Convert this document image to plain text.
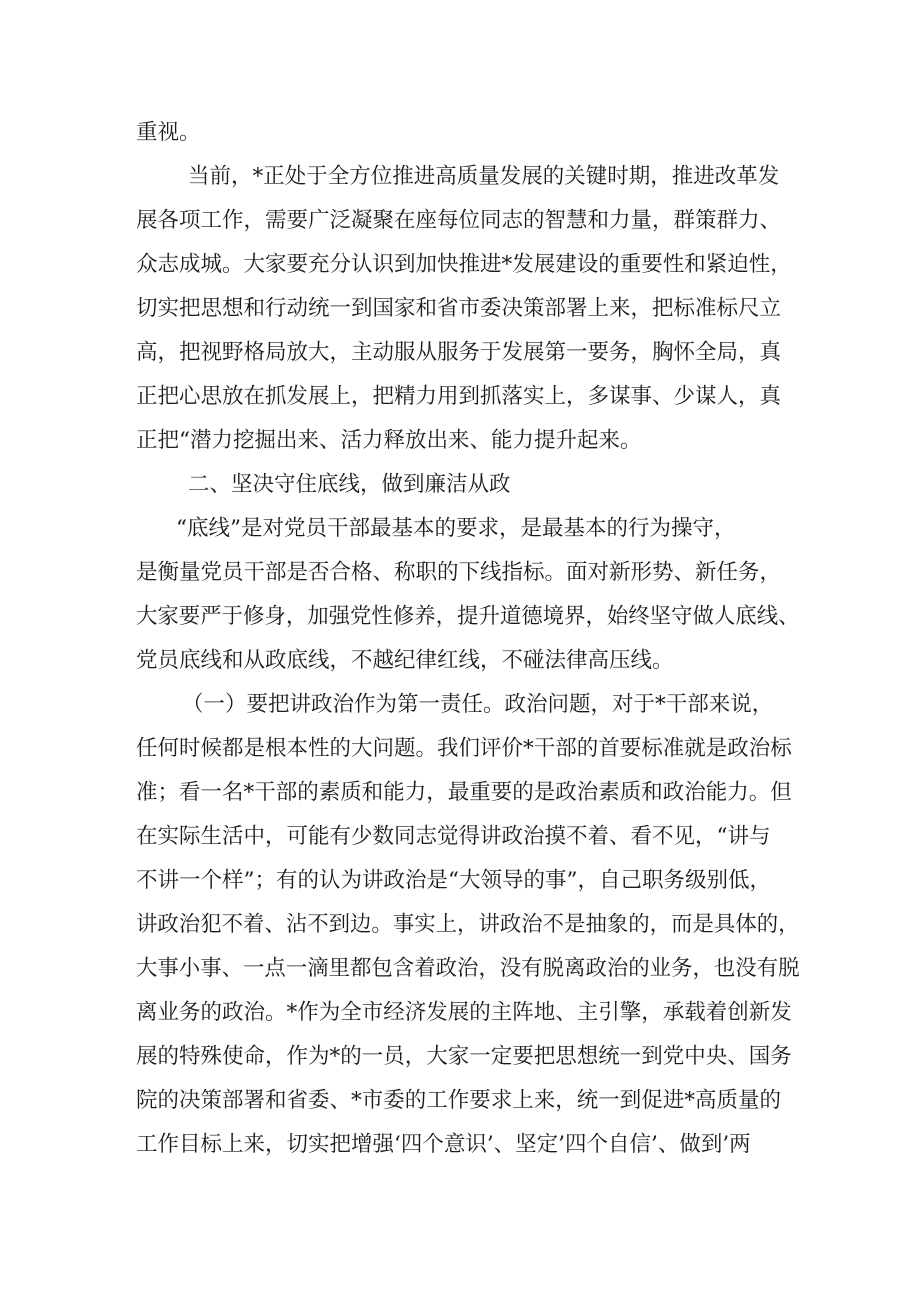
重视。
当前，*正处于全方位推进高质量发展的关键时期，推进改革发
展各项工作，需要广泛凝聚在座每位同志的智慧和力量，群策群力、
众志成城。大家要充分认识到加快推进*发展建设的重要性和紧迫性，
切实把思想和行动统一到国家和省市委决策部署上来，把标准标尺立
高，把视野格局放大，主动服从服务于发展第一要务，胸怀全局，真
正把心思放在抓发展上，把精力用到抓落实上，多谋事、少谋人，真
正把“潜力挖掘出来、活力释放出来、能力提升起来。
二、坚决守住底线，做到廉洁从政
“底线”是对党员干部最基本的要求，是最基本的行为操守，
是衡量党员干部是否合格、称职的下线指标。面对新形势、新任务，
大家要严于修身，加强党性修养，提升道德境界，始终坚守做人底线、
党员底线和从政底线，不越纪律红线，不碰法律高压线。
（一）要把讲政治作为第一责任。政治问题，对于*干部来说，
任何时候都是根本性的大问题。我们评价*干部的首要标准就是政治标
准；看一名*干部的素质和能力，最重要的是政治素质和政治能力。但
在实际生活中，可能有少数同志觉得讲政治摸不着、看不见，“讲与
不讲一个样”；有的认为讲政治是“大领导的事”，自己职务级别低，
讲政治犯不着、沾不到边。事实上，讲政治不是抽象的，而是具体的，
大事小事、一点一滴里都包含着政治，没有脱离政治的业务，也没有脱
离业务的政治。*作为全市经济发展的主阵地、主引擎，承载着创新发
展的特殊使命，作为*的一员，大家一定要把思想统一到党中央、国务
院的决策部署和省委、*市委的工作要求上来，统一到促进*高质量的
工作目标上来，切实把增强‘四个意识’、坚定’四个自信’、做到’两
